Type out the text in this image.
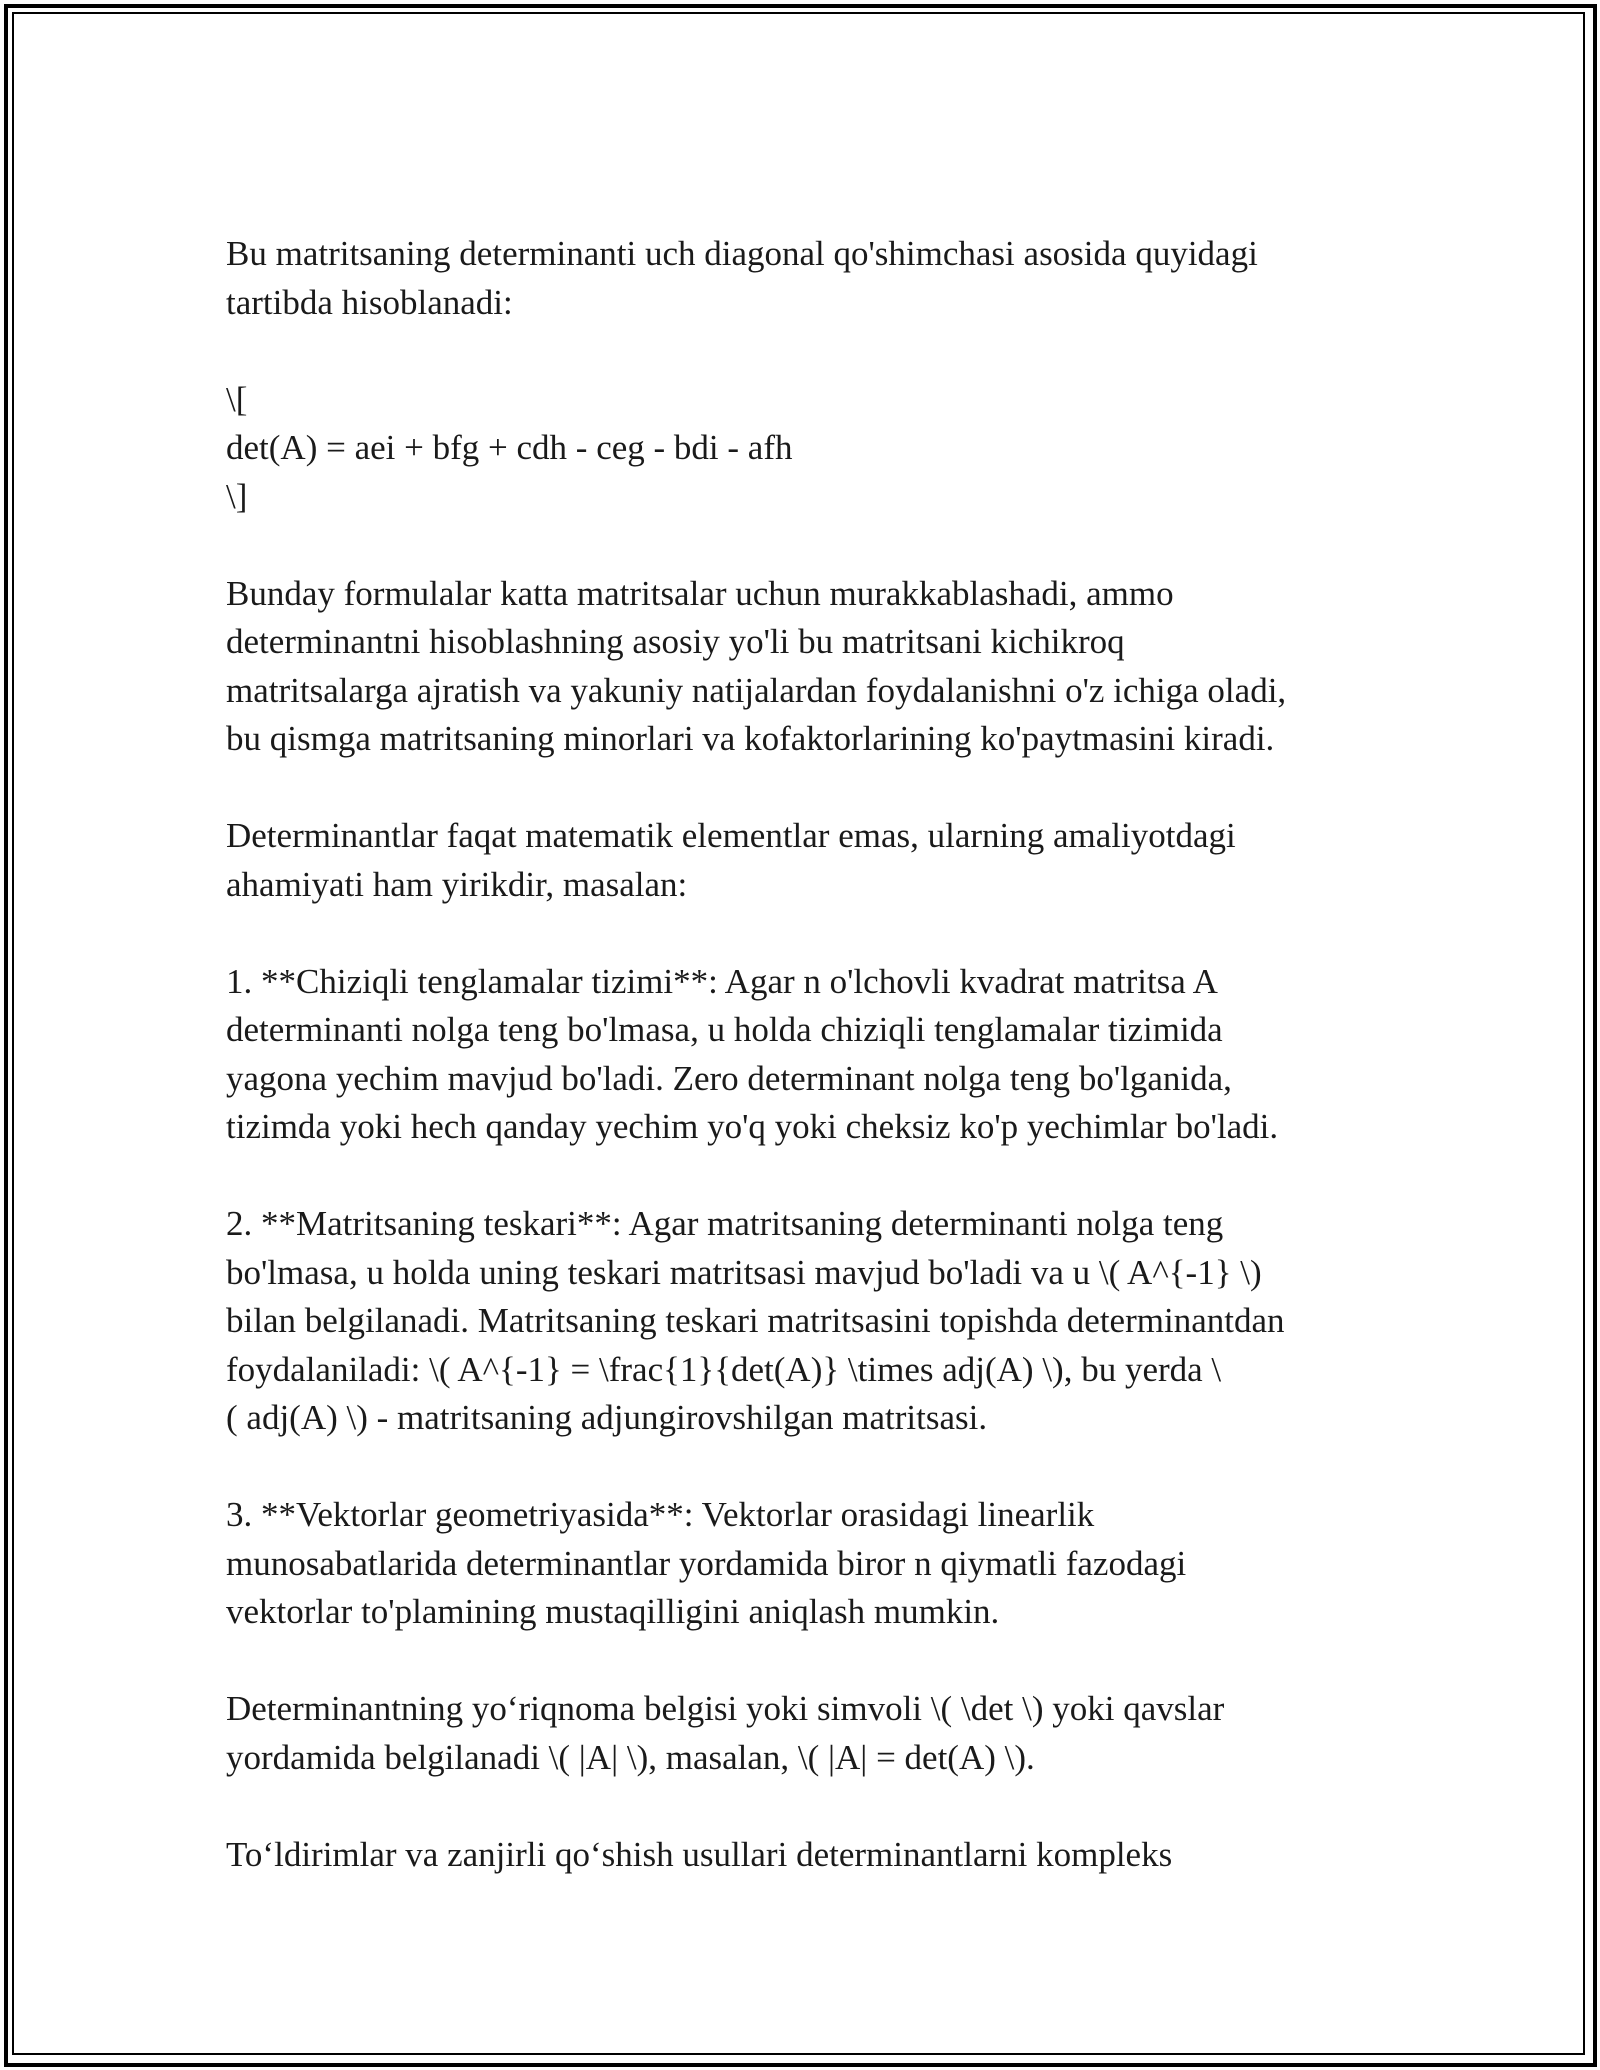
Bu matritsaning determinanti uch diagonal qo'shimchasi asosida quyidagi
tartibda hisoblanadi:
\[
det(A) = aei + bfg + cdh - ceg - bdi - afh
\]
Bunday formulalar katta matritsalar uchun murakkablashadi, ammo
determinantni hisoblashning asosiy yo'li bu matritsani kichikroq
matritsalarga ajratish va yakuniy natijalardan foydalanishni o'z ichiga oladi,
bu qismga matritsaning minorlari va kofaktorlarining ko'paytmasini kiradi.
Determinantlar faqat matematik elementlar emas, ularning amaliyotdagi
ahamiyati ham yirikdir, masalan:
1. **Chiziqli tenglamalar tizimi**: Agar n o'lchovli kvadrat matritsa A
determinanti nolga teng bo'lmasa, u holda chiziqli tenglamalar tizimida
yagona yechim mavjud bo'ladi. Zero determinant nolga teng bo'lganida,
tizimda yoki hech qanday yechim yo'q yoki cheksiz ko'p yechimlar bo'ladi.
2. **Matritsaning teskari**: Agar matritsaning determinanti nolga teng
bo'lmasa, u holda uning teskari matritsasi mavjud bo'ladi va u \( A^{-1} \)
bilan belgilanadi. Matritsaning teskari matritsasini topishda determinantdan
foydalaniladi: \( A^{-1} = \frac{1}{det(A)} \times adj(A) \), bu yerda \
( adj(A) \) - matritsaning adjungirovshilgan matritsasi.
3. **Vektorlar geometriyasida**: Vektorlar orasidagi linearlik
munosabatlarida determinantlar yordamida biror n qiymatli fazodagi
vektorlar to'plamining mustaqilligini aniqlash mumkin.
Determinantning yo‘riqnoma belgisi yoki simvoli \( \det \) yoki qavslar
yordamida belgilanadi \( |A| \), masalan, \( |A| = det(A) \).
To‘ldirimlar va zanjirli qo‘shish usullari determinantlarni kompleks
